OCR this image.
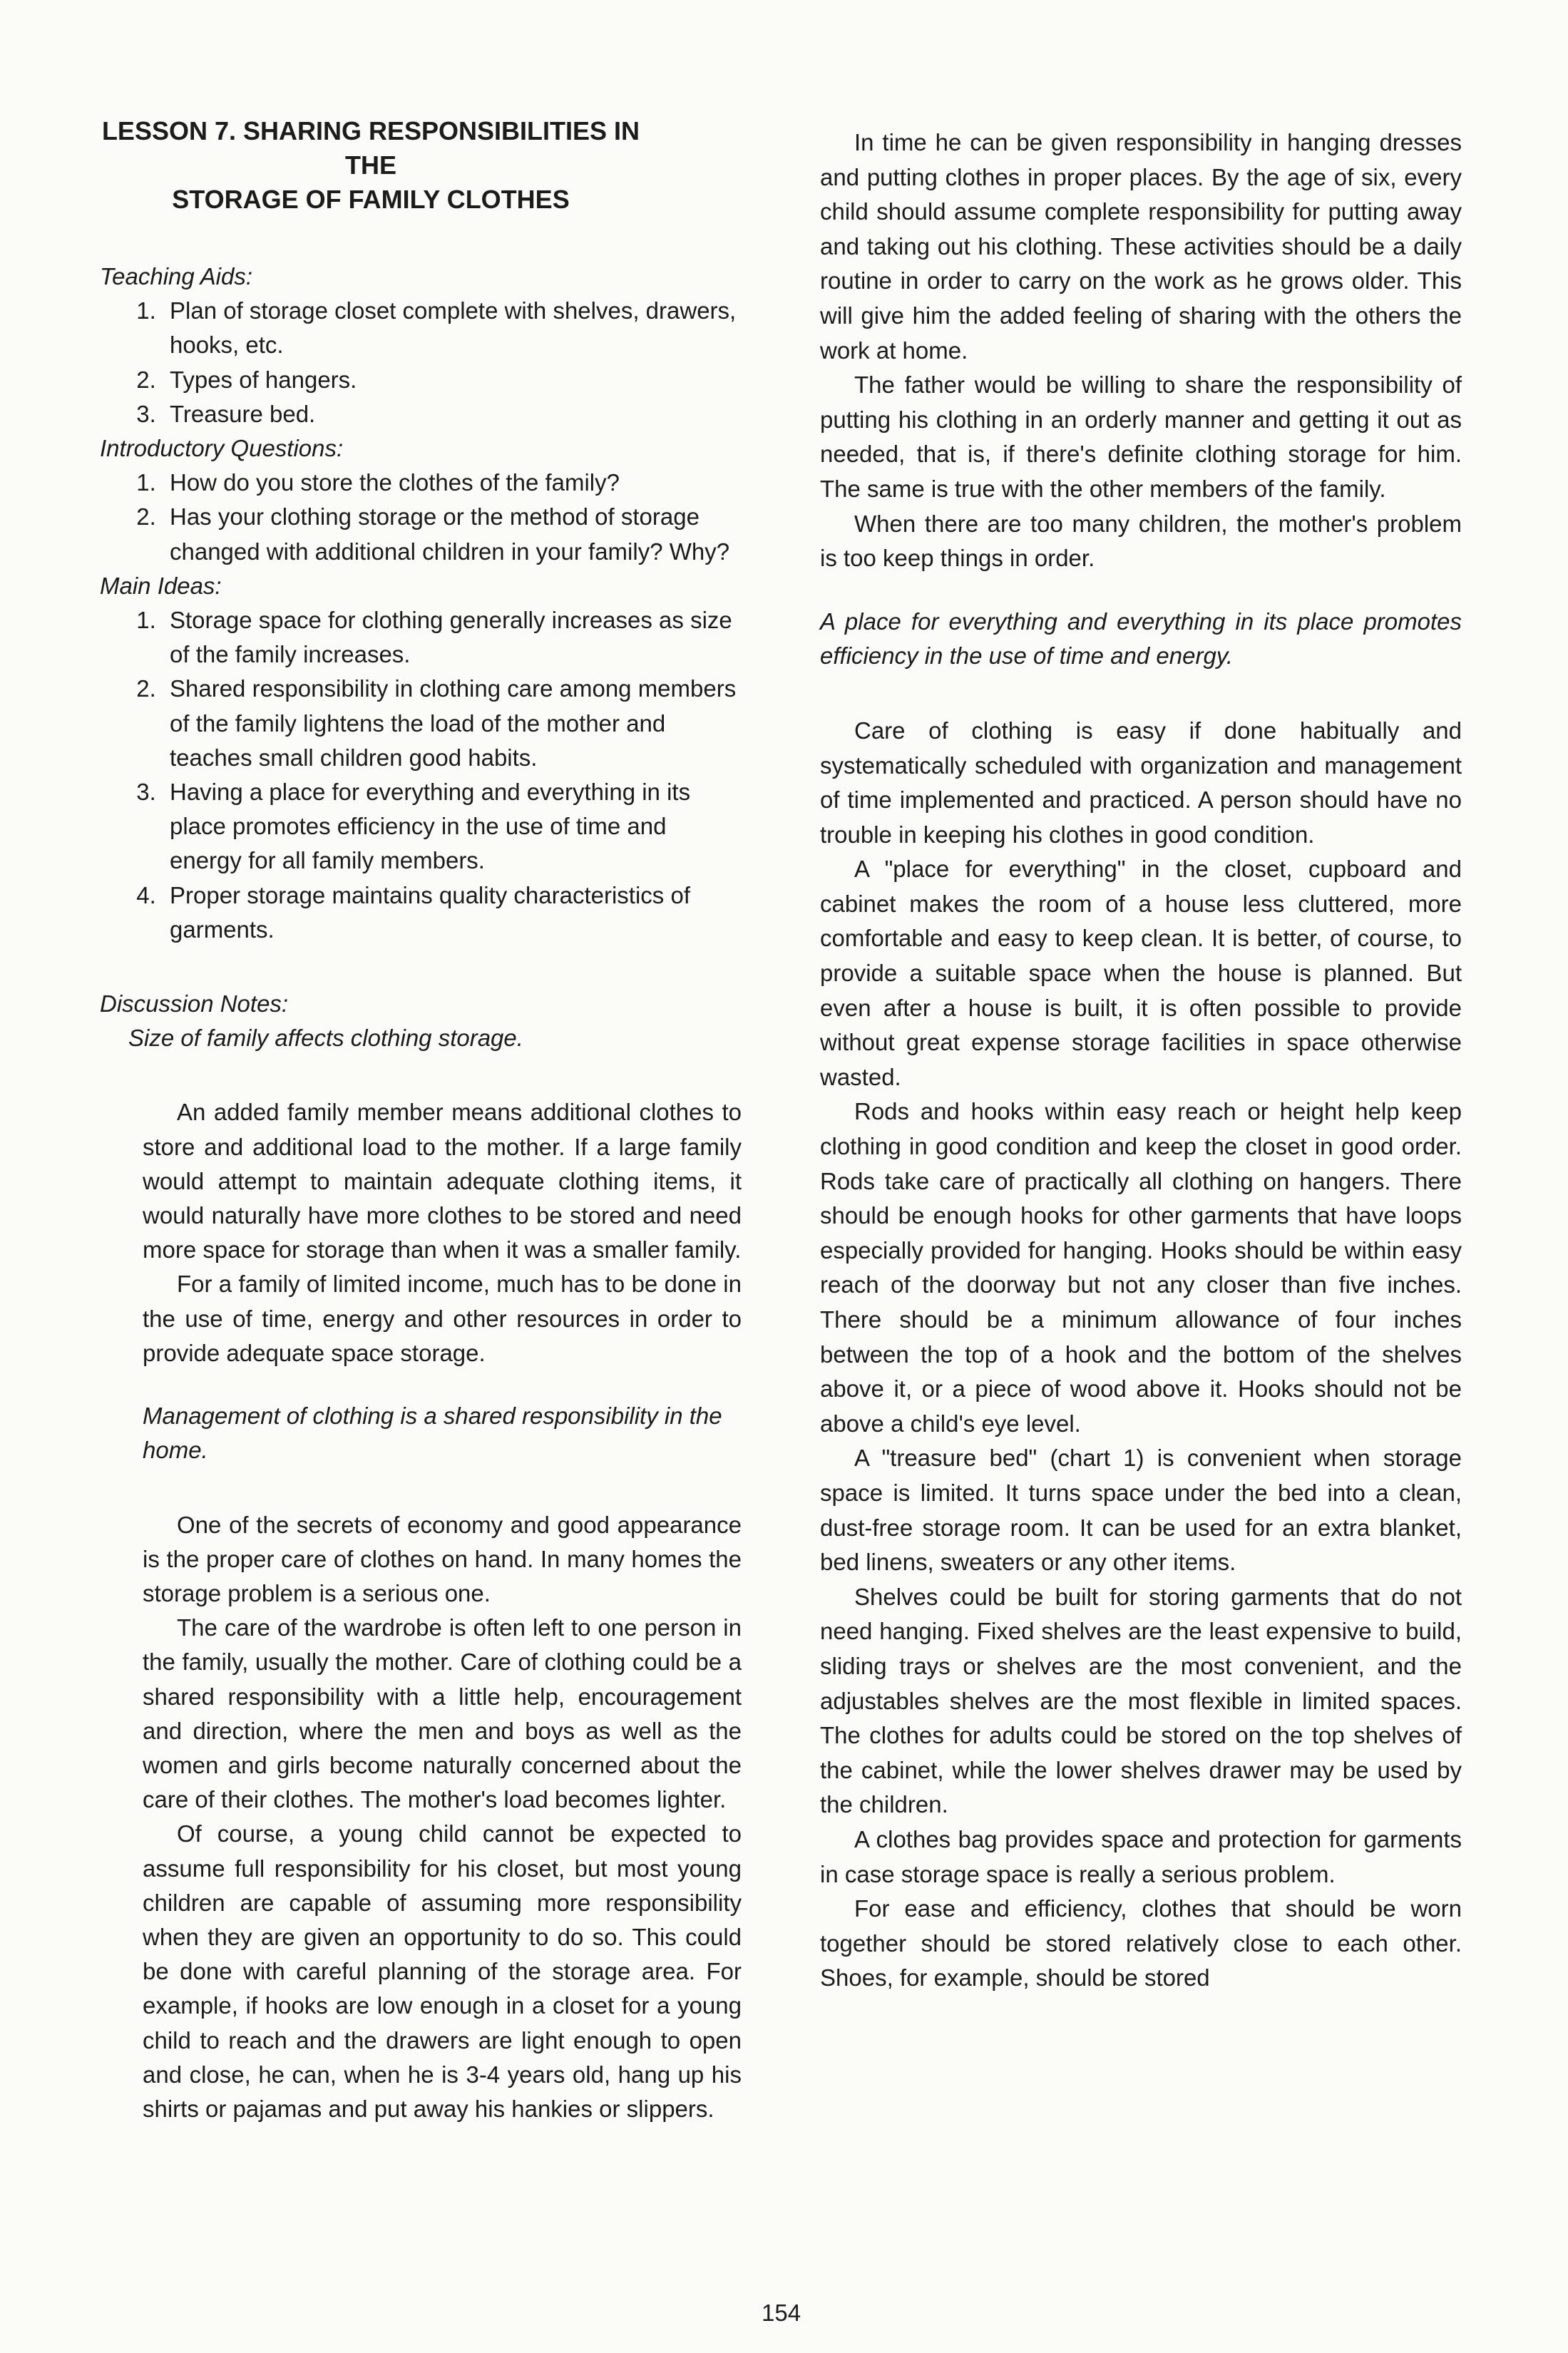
LESSON 7. SHARING RESPONSIBILITIES IN THE
STORAGE OF FAMILY CLOTHES

Teaching Aids:

1. Plan of storage closet complete with shelves, drawers, hooks, etc.
2. Types of hangers.
3. Treasure bed.

Introductory Questions:

1. How do you store the clothes of the family?
2. Has your clothing storage or the method of storage changed with additional children in your family? Why?

Main Ideas:

1. Storage space for clothing generally increases as size of the family increases.
2. Shared responsibility in clothing care among members of the family lightens the load of the mother and teaches small children good habits.
3. Having a place for everything and everything in its place promotes efficiency in the use of time and energy for all family members.
4. Proper storage maintains quality characteristics of garments.

Discussion Notes:

Size of family affects clothing storage.

An added family member means additional clothes to store and additional load to the mother. If a large family would attempt to maintain adequate clothing items, it would naturally have more clothes to be stored and need more space for storage than when it was a smaller family.

For a family of limited income, much has to be done in the use of time, energy and other resources in order to provide adequate space storage.

Management of clothing is a shared responsibility in the home.

One of the secrets of economy and good appearance is the proper care of clothes on hand. In many homes the storage problem is a serious one.

The care of the wardrobe is often left to one person in the family, usually the mother. Care of clothing could be a shared responsibility with a little help, encouragement and direction, where the men and boys as well as the women and girls become naturally concerned about the care of their clothes. The mother's load becomes lighter.

Of course, a young child cannot be expected to assume full responsibility for his closet, but most young children are capable of assuming more responsibility when they are given an opportunity to do so. This could be done with careful planning of the storage area. For example, if hooks are low enough in a closet for a young child to reach and the drawers are light enough to open and close, he can, when he is 3-4 years old, hang up his shirts or pajamas and put away his hankies or slippers.

In time he can be given responsibility in hanging dresses and putting clothes in proper places. By the age of six, every child should assume complete responsibility for putting away and taking out his clothing. These activities should be a daily routine in order to carry on the work as he grows older. This will give him the added feeling of sharing with the others the work at home.

The father would be willing to share the responsibility of putting his clothing in an orderly manner and getting it out as needed, that is, if there's definite clothing storage for him. The same is true with the other members of the family.

When there are too many children, the mother's problem is too keep things in order.

A place for everything and everything in its place promotes efficiency in the use of time and energy.

Care of clothing is easy if done habitually and systematically scheduled with organization and management of time implemented and practiced. A person should have no trouble in keeping his clothes in good condition.

A "place for everything" in the closet, cupboard and cabinet makes the room of a house less cluttered, more comfortable and easy to keep clean. It is better, of course, to provide a suitable space when the house is planned. But even after a house is built, it is often possible to provide without great expense storage facilities in space otherwise wasted.

Rods and hooks within easy reach or height help keep clothing in good condition and keep the closet in good order. Rods take care of practically all clothing on hangers. There should be enough hooks for other garments that have loops especially provided for hanging. Hooks should be within easy reach of the doorway but not any closer than five inches. There should be a minimum allowance of four inches between the top of a hook and the bottom of the shelves above it, or a piece of wood above it. Hooks should not be above a child's eye level.

A "treasure bed" (chart 1) is convenient when storage space is limited. It turns space under the bed into a clean, dust-free storage room. It can be used for an extra blanket, bed linens, sweaters or any other items.

Shelves could be built for storing garments that do not need hanging. Fixed shelves are the least expensive to build, sliding trays or shelves are the most convenient, and the adjustables shelves are the most flexible in limited spaces. The clothes for adults could be stored on the top shelves of the cabinet, while the lower shelves drawer may be used by the children.

A clothes bag provides space and protection for garments in case storage space is really a serious problem.

For ease and efficiency, clothes that should be worn together should be stored relatively close to each other. Shoes, for example, should be stored

154
